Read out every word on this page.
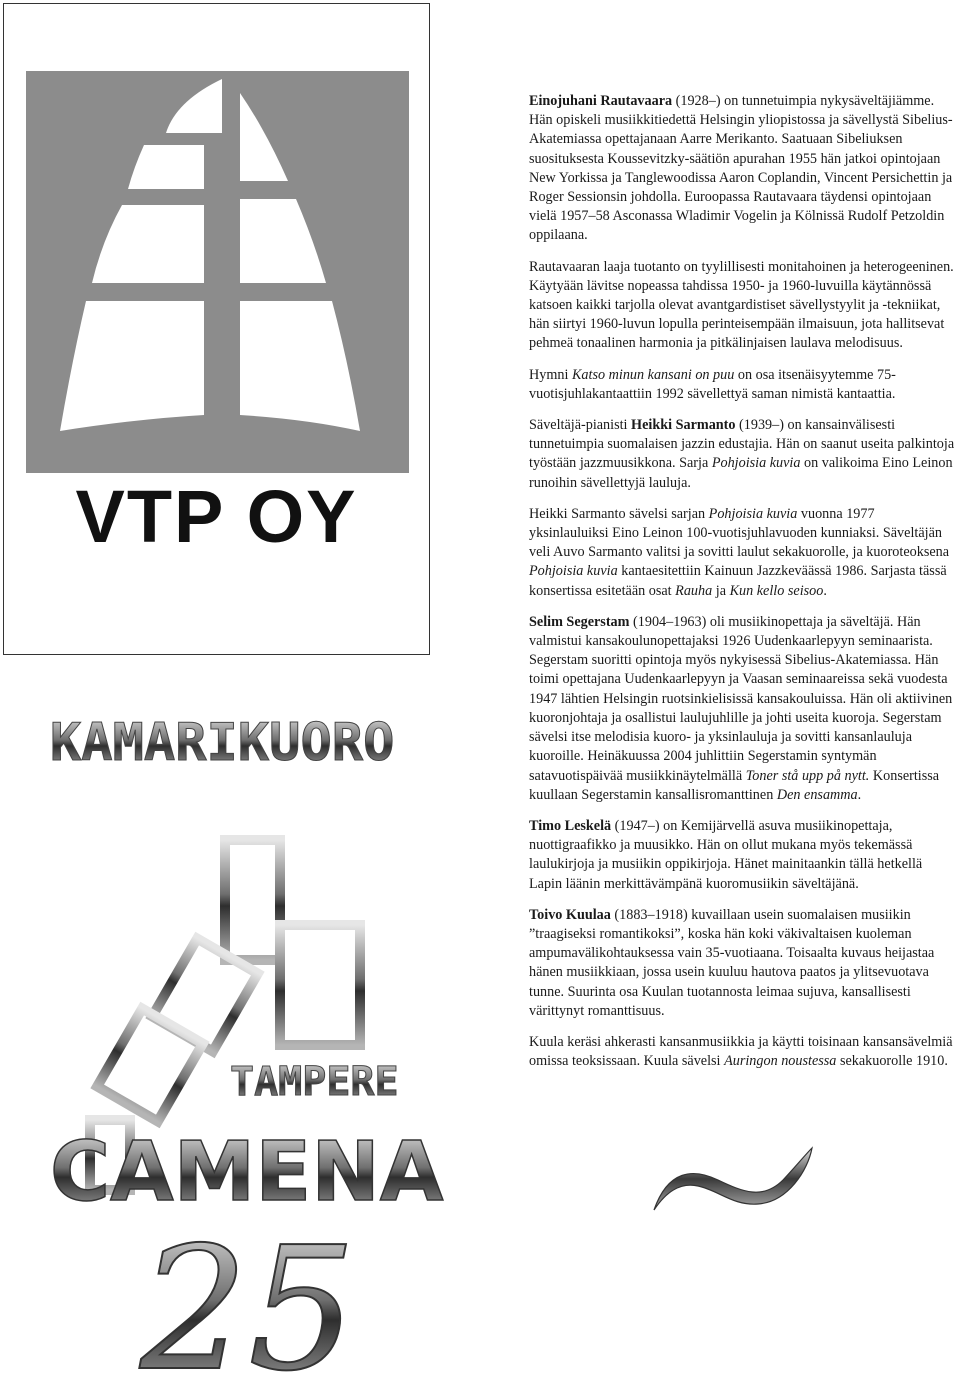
VTP OY
KAMARIKUORO
TAMPERE
CAMENA
25

Einojuhani Rautavaara (1928–) on tunnetuimpia nykysäveltäjiämme. Hän opiskeli musiikkitiedettä Helsingin yliopistossa ja sävellystä Sibelius-Akatemiassa opettajanaan Aarre Merikanto. Saatuaan Sibeliuksen suosituksesta Koussevitzky-säätiön apurahan 1955 hän jatkoi opintojaan New Yorkissa ja Tanglewoodissa Aaron Coplandin, Vincent Persichettin ja Roger Sessionsin johdolla. Euroopassa Rautavaara täydensi opintojaan vielä 1957–58 Asconassa Wladimir Vogelin ja Kölnissä Rudolf Petzoldin oppilaana.

Rautavaaran laaja tuotanto on tyylillisesti monitahoinen ja heterogeeninen. Käytyään lävitse nopeassa tahdissa 1950- ja 1960-luvuilla käytännössä katsoen kaikki tarjolla olevat avantgardistiset sävellystyylit ja -tekniikat, hän siirtyi 1960-luvun lopulla perinteisempään ilmaisuun, jota hallitsevat pehmeä tonaalinen harmonia ja pitkälinjaisen laulava melodisuus.

Hymni Katso minun kansani on puu on osa itsenäisyytemme 75-vuotisjuhlakantaattiin 1992 sävellettyä saman nimistä kantaattia.

Säveltäjä-pianisti Heikki Sarmanto (1939–) on kansainvälisesti tunnetuimpia suomalaisen jazzin edustajia. Hän on saanut useita palkintoja työstään jazzmuusikkona. Sarja Pohjoisia kuvia on valikoima Eino Leinon runoihin sävellettyjä lauluja.

Heikki Sarmanto sävelsi sarjan Pohjoisia kuvia vuonna 1977 yksinlauluiksi Eino Leinon 100-vuotisjuhlavuoden kunniaksi. Säveltäjän veli Auvo Sarmanto valitsi ja sovitti laulut sekakuorolle, ja kuoroteoksena Pohjoisia kuvia kantaesitettiin Kainuun Jazzkeväässä 1986. Sarjasta tässä konsertissa esitetään osat Rauha ja Kun kello seisoo.

Selim Segerstam (1904–1963) oli musiikinopettaja ja säveltäjä. Hän valmistui kansakoulunopettajaksi 1926 Uudenkaarlepyyn seminaarista. Segerstam suoritti opintoja myös nykyisessä Sibelius-Akatemiassa. Hän toimi opettajana Uudenkaarlepyyn ja Vaasan seminaareissa sekä vuodesta 1947 lähtien Helsingin ruotsinkielisissä kansakouluissa. Hän oli aktiivinen kuoronjohtaja ja osallistui laulujuhlille ja johti useita kuoroja. Segerstam sävelsi itse melodisia kuoro- ja yksinlauluja ja sovitti kansanlauluja kuoroille. Heinäkuussa 2004 juhlittiin Segerstamin syntymän satavuotispäivää musiikkinäytelmällä Toner stå upp på nytt. Konsertissa kuullaan Segerstamin kansallisromanttinen Den ensamma.

Timo Leskelä (1947–) on Kemijärvellä asuva musiikinopettaja, nuottigraafikko ja muusikko. Hän on ollut mukana myös tekemässä laulukirjoja ja musiikin oppikirjoja. Hänet mainitaankin tällä hetkellä Lapin läänin merkittävämpänä kuoromusiikin säveltäjänä.

Toivo Kuulaa (1883–1918) kuvaillaan usein suomalaisen musiikin ”traagiseksi romantikoksi”, koska hän koki väkivaltaisen kuoleman ampumavälikohtauksessa vain 35-vuotiaana. Toisaalta kuvaus heijastaa hänen musiikkiaan, jossa usein kuuluu hautova paatos ja ylitsevuotava tunne. Suurinta osa Kuulan tuotannosta leimaa sujuva, kansallisesti värittynyt romanttisuus.

Kuula keräsi ahkerasti kansanmusiikkia ja käytti toisinaan kansansävelmiä omissa teoksissaan. Kuula sävelsi Auringon noustessa sekakuorolle 1910.
